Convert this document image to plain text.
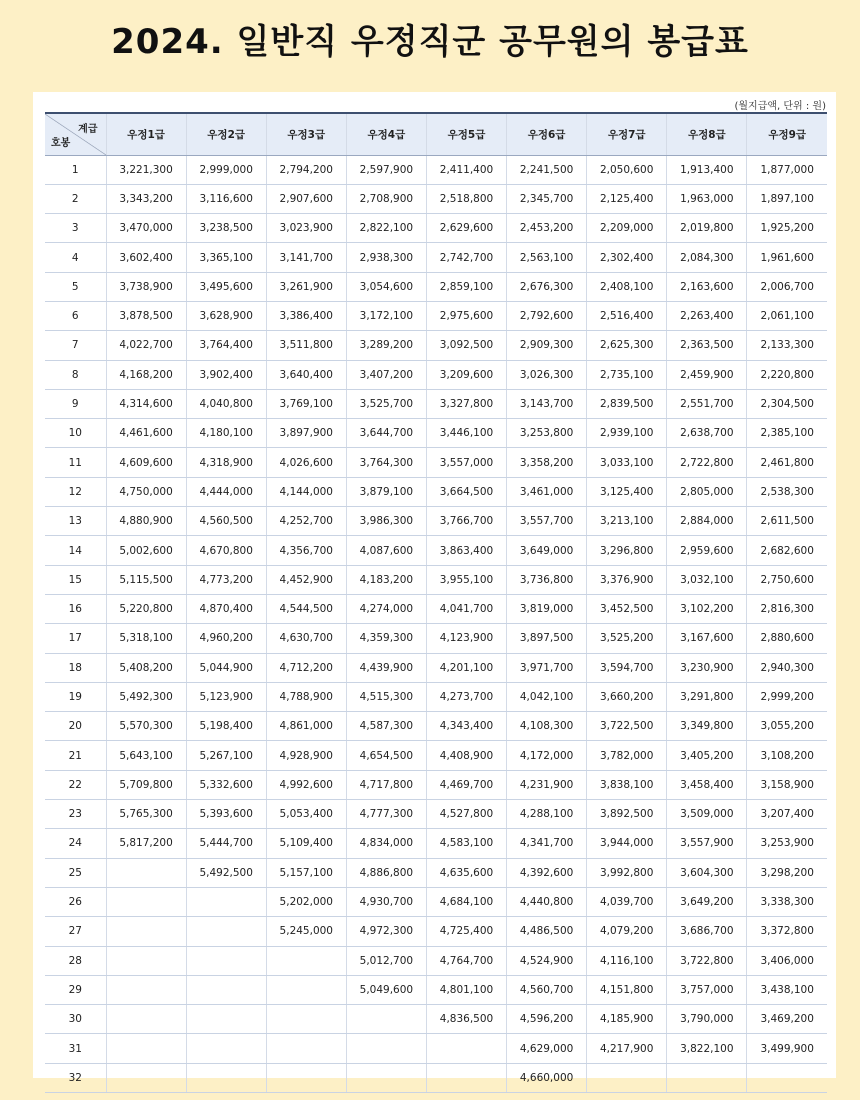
2024. 일반직 우정직군 공무원의 봉급표
(월지급액, 단위 : 원)
계급
호봉	우정1급	우정2급	우정3급	우정4급	우정5급	우정6급	우정7급	우정8급	우정9급
1	3,221,300	2,999,000	2,794,200	2,597,900	2,411,400	2,241,500	2,050,600	1,913,400	1,877,000
2	3,343,200	3,116,600	2,907,600	2,708,900	2,518,800	2,345,700	2,125,400	1,963,000	1,897,100
3	3,470,000	3,238,500	3,023,900	2,822,100	2,629,600	2,453,200	2,209,000	2,019,800	1,925,200
4	3,602,400	3,365,100	3,141,700	2,938,300	2,742,700	2,563,100	2,302,400	2,084,300	1,961,600
5	3,738,900	3,495,600	3,261,900	3,054,600	2,859,100	2,676,300	2,408,100	2,163,600	2,006,700
6	3,878,500	3,628,900	3,386,400	3,172,100	2,975,600	2,792,600	2,516,400	2,263,400	2,061,100
7	4,022,700	3,764,400	3,511,800	3,289,200	3,092,500	2,909,300	2,625,300	2,363,500	2,133,300
8	4,168,200	3,902,400	3,640,400	3,407,200	3,209,600	3,026,300	2,735,100	2,459,900	2,220,800
9	4,314,600	4,040,800	3,769,100	3,525,700	3,327,800	3,143,700	2,839,500	2,551,700	2,304,500
10	4,461,600	4,180,100	3,897,900	3,644,700	3,446,100	3,253,800	2,939,100	2,638,700	2,385,100
11	4,609,600	4,318,900	4,026,600	3,764,300	3,557,000	3,358,200	3,033,100	2,722,800	2,461,800
12	4,750,000	4,444,000	4,144,000	3,879,100	3,664,500	3,461,000	3,125,400	2,805,000	2,538,300
13	4,880,900	4,560,500	4,252,700	3,986,300	3,766,700	3,557,700	3,213,100	2,884,000	2,611,500
14	5,002,600	4,670,800	4,356,700	4,087,600	3,863,400	3,649,000	3,296,800	2,959,600	2,682,600
15	5,115,500	4,773,200	4,452,900	4,183,200	3,955,100	3,736,800	3,376,900	3,032,100	2,750,600
16	5,220,800	4,870,400	4,544,500	4,274,000	4,041,700	3,819,000	3,452,500	3,102,200	2,816,300
17	5,318,100	4,960,200	4,630,700	4,359,300	4,123,900	3,897,500	3,525,200	3,167,600	2,880,600
18	5,408,200	5,044,900	4,712,200	4,439,900	4,201,100	3,971,700	3,594,700	3,230,900	2,940,300
19	5,492,300	5,123,900	4,788,900	4,515,300	4,273,700	4,042,100	3,660,200	3,291,800	2,999,200
20	5,570,300	5,198,400	4,861,000	4,587,300	4,343,400	4,108,300	3,722,500	3,349,800	3,055,200
21	5,643,100	5,267,100	4,928,900	4,654,500	4,408,900	4,172,000	3,782,000	3,405,200	3,108,200
22	5,709,800	5,332,600	4,992,600	4,717,800	4,469,700	4,231,900	3,838,100	3,458,400	3,158,900
23	5,765,300	5,393,600	5,053,400	4,777,300	4,527,800	4,288,100	3,892,500	3,509,000	3,207,400
24	5,817,200	5,444,700	5,109,400	4,834,000	4,583,100	4,341,700	3,944,000	3,557,900	3,253,900
25		5,492,500	5,157,100	4,886,800	4,635,600	4,392,600	3,992,800	3,604,300	3,298,200
26			5,202,000	4,930,700	4,684,100	4,440,800	4,039,700	3,649,200	3,338,300
27			5,245,000	4,972,300	4,725,400	4,486,500	4,079,200	3,686,700	3,372,800
28				5,012,700	4,764,700	4,524,900	4,116,100	3,722,800	3,406,000
29				5,049,600	4,801,100	4,560,700	4,151,800	3,757,000	3,438,100
30					4,836,500	4,596,200	4,185,900	3,790,000	3,469,200
31						4,629,000	4,217,900	3,822,100	3,499,900
32						4,660,000			
